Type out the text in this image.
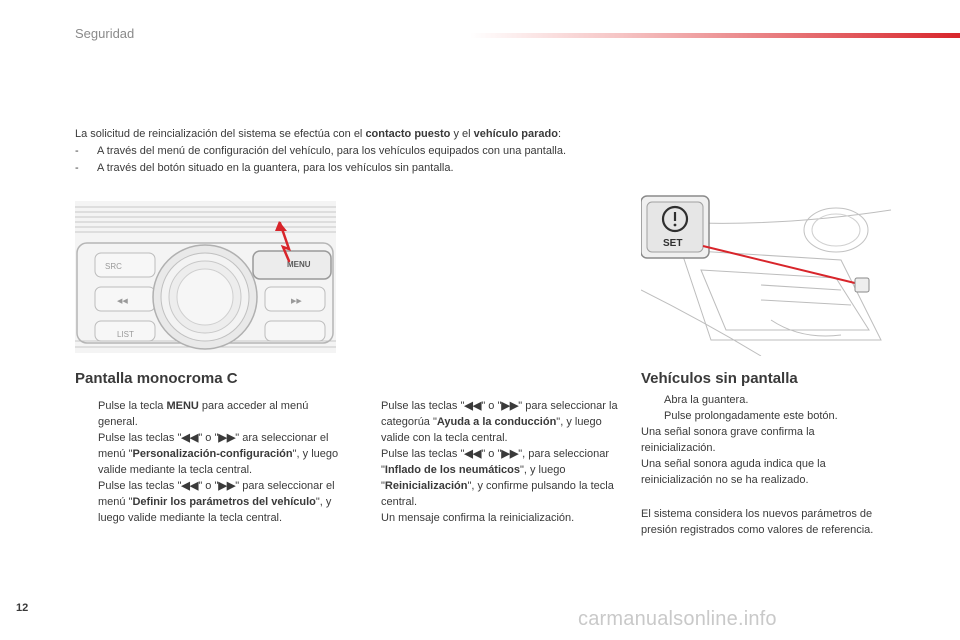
Seguridad

La solicitud de reincialización del sistema se efectúa con el contacto puesto y el vehículo parado:

- A través del menú de configuración del vehículo, para los vehículos equipados con una pantalla.

- A través del botón situado en la guantera, para los vehículos sin pantalla.

SRC	MENU
◀◀	▶▶
LIST
SET
Pantalla monocroma C
Pulse la tecla MENU para acceder al menú general.
Pulse las teclas "◀◀" o "▶▶" ara seleccionar el menú "Personalización-configuración", y luego valide mediante la tecla central.
Pulse las teclas "◀◀" o "▶▶" para seleccionar el menú "Definir los parámetros del vehículo", y luego valide mediante la tecla central.
Pulse las teclas "◀◀" o "▶▶" para seleccionar la categorúa "Ayuda a la conducción", y luego valide con la tecla central.
Pulse las teclas "◀◀" o "▶▶", para seleccionar "Inflado de los neumáticos", y luego "Reinicialización", y confirme pulsando la tecla central.
Un mensaje confirma la reinicialización.
Vehículos sin pantalla
Abra la guantera.
Pulse prolongadamente este botón.

Una señal sonora grave confirma la reinicialización.

Una señal sonora aguda indica que la reinicialización no se ha realizado.

El sistema considera los nuevos parámetros de presión registrados como valores de referencia.

12	carmanualsonline.info
